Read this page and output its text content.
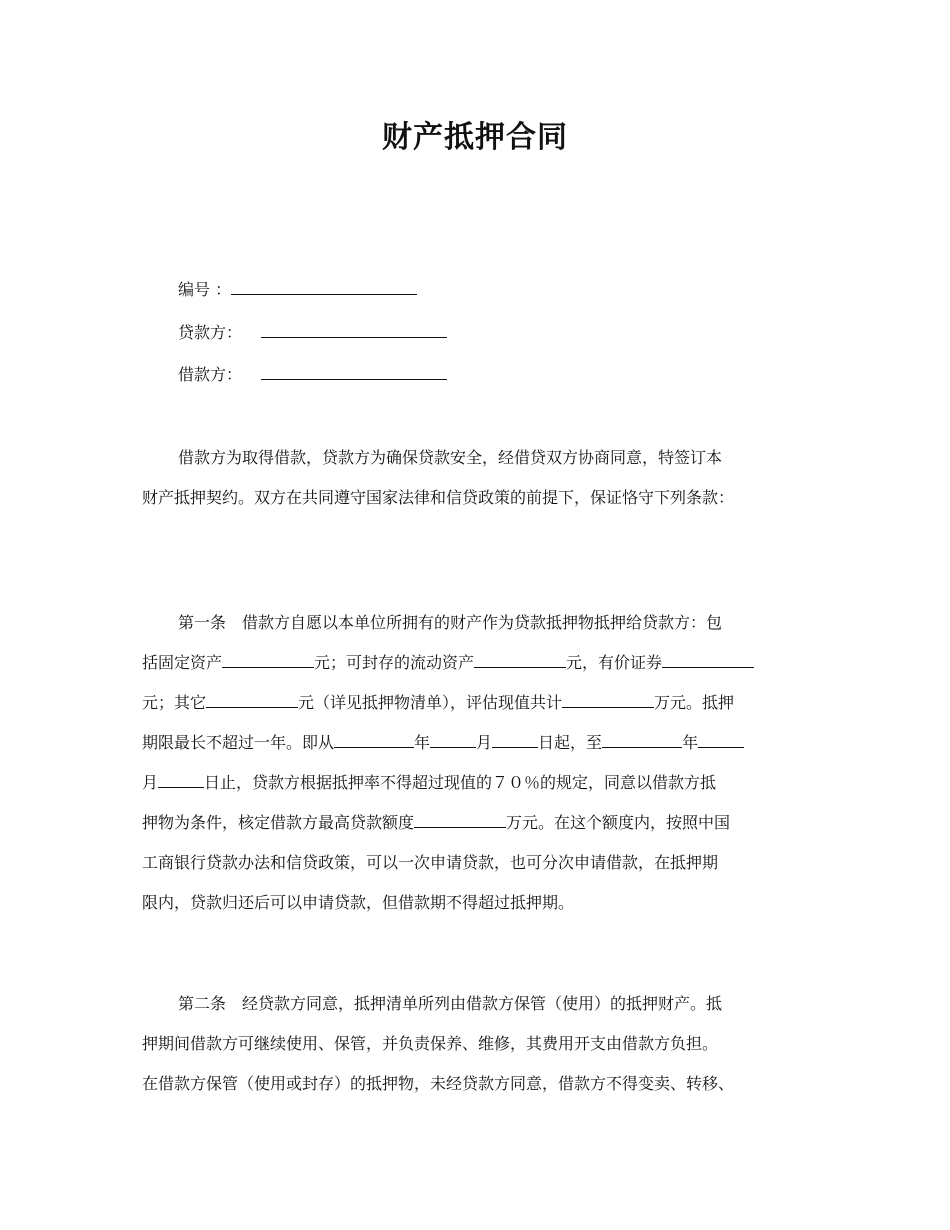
财产抵押合同
编号 ：
贷款方：
借款方：
借款方为取得借款，贷款方为确保贷款安全，经借贷双方协商同意，特签订本
财产抵押契约。双方在共同遵守国家法律和信贷政策的前提下，保证恪守下列条款：
第一条　借款方自愿以本单位所拥有的财产作为贷款抵押物抵押给贷款方：包
括固定资产	元；可封存的流动资产	元，有价证券
元；其它	元（详见抵押物清单），评估现值共计	万元。抵押
期限最长不超过一年。即从	年	月	日起，至	年
月	日止，贷款方根据抵押率不得超过现值的７０％的规定，同意以借款方抵
押物为条件，核定借款方最高贷款额度	万元。在这个额度内，按照中国
工商银行贷款办法和信贷政策，可以一次申请贷款，也可分次申请借款，在抵押期
限内，贷款归还后可以申请贷款，但借款期不得超过抵押期。
第二条　经贷款方同意，抵押清单所列由借款方保管（使用）的抵押财产。抵
押期间借款方可继续使用、保管，并负责保养、维修，其费用开支由借款方负担。
在借款方保管（使用或封存）的抵押物，未经贷款方同意，借款方不得变卖、转移、
